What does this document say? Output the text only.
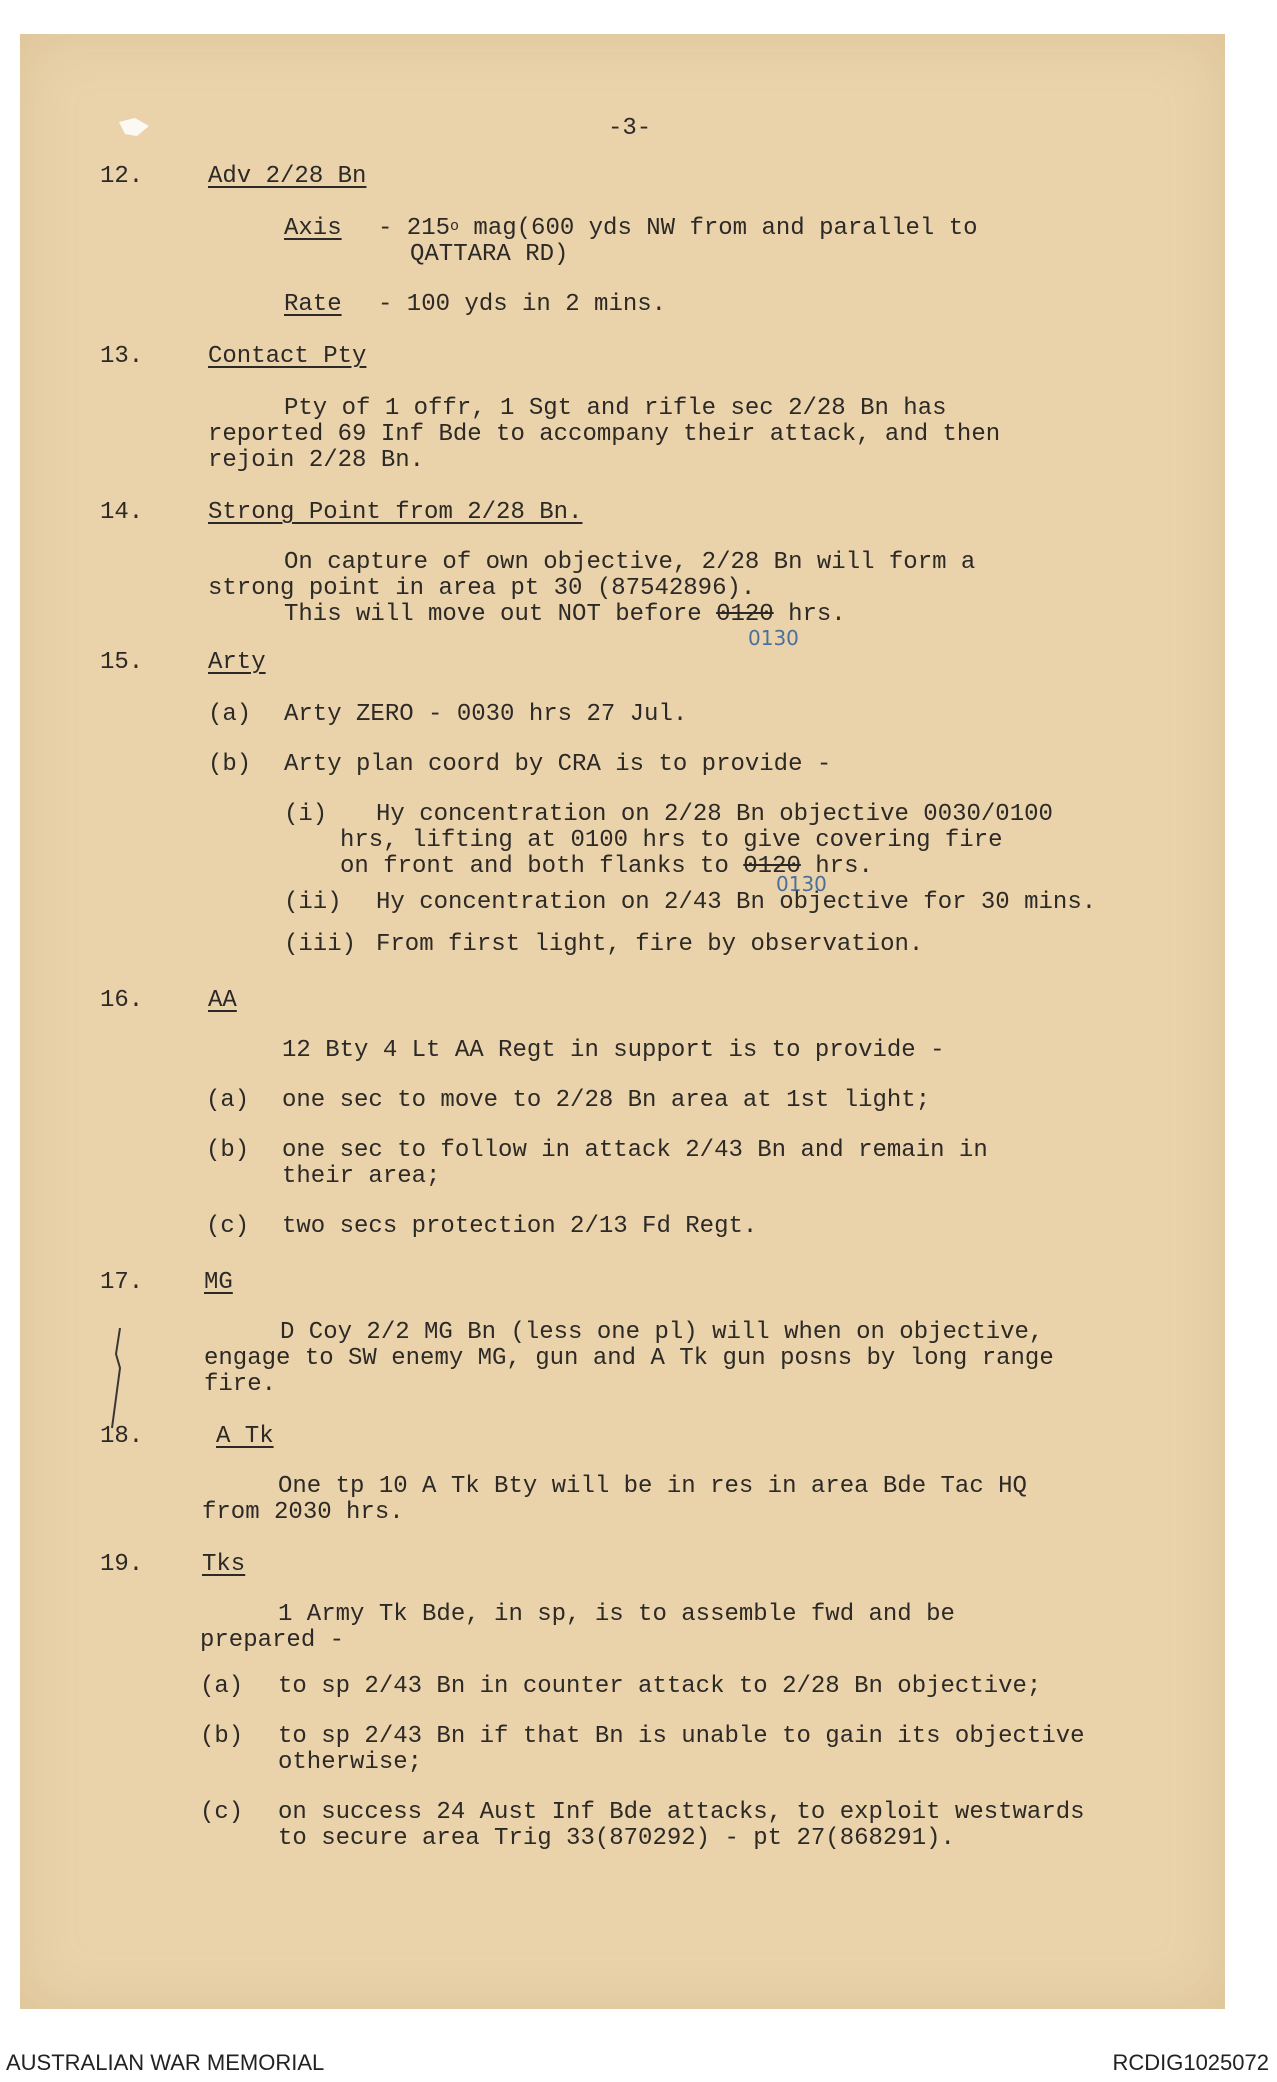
-3-
12.	Adv 2/28 Bn
Axis - 215$^o$ mag(600 yds NW from and parallel to
QATTARA RD)
Rate - 100 yds in 2 mins.
13.	Contact Pty
Pty of 1 offr, 1 Sgt and rifle sec 2/28 Bn has
reported 69 Inf Bde to accompany their attack, and then
rejoin 2/28 Bn.
14.	Strong Point from 2/28 Bn.
On capture of own objective, 2/28 Bn will form a
strong point in area pt 30 (87542896).
This will move out NOT before 0120 hrs.
0130
15.	Arty
(a) Arty ZERO - 0030 hrs 27 Jul.
(b) Arty plan coord by CRA is to provide -
(i) Hy concentration on 2/28 Bn objective 0030/0100
hrs, lifting at 0100 hrs to give covering fire
on front and both flanks to 0120 hrs.
0130
(ii) Hy concentration on 2/43 Bn objective for 30 mins.
(iii) From first light, fire by observation.
16.	AA
12 Bty 4 Lt AA Regt in support is to provide -
(a) one sec to move to 2/28 Bn area at 1st light;
(b) one sec to follow in attack 2/43 Bn and remain in
their area;
(c) two secs protection 2/13 Fd Regt.
17.	MG
D Coy 2/2 MG Bn (less one pl) will when on objective,
engage to SW enemy MG, gun and A Tk gun posns by long range
fire.
18.	A Tk
One tp 10 A Tk Bty will be in res in area Bde Tac HQ
from 2030 hrs.
19. Tks
1 Army Tk Bde, in sp, is to assemble fwd and be
prepared -
(a) to sp 2/43 Bn in counter attack to 2/28 Bn objective;
(b) to sp 2/43 Bn if that Bn is unable to gain its objective
otherwise;
(c) on success 24 Aust Inf Bde attacks, to exploit westwards
to secure area Trig 33(870292) - pt 27(868291).
AUSTRALIAN WAR MEMORIAL	RCDIG1025072
